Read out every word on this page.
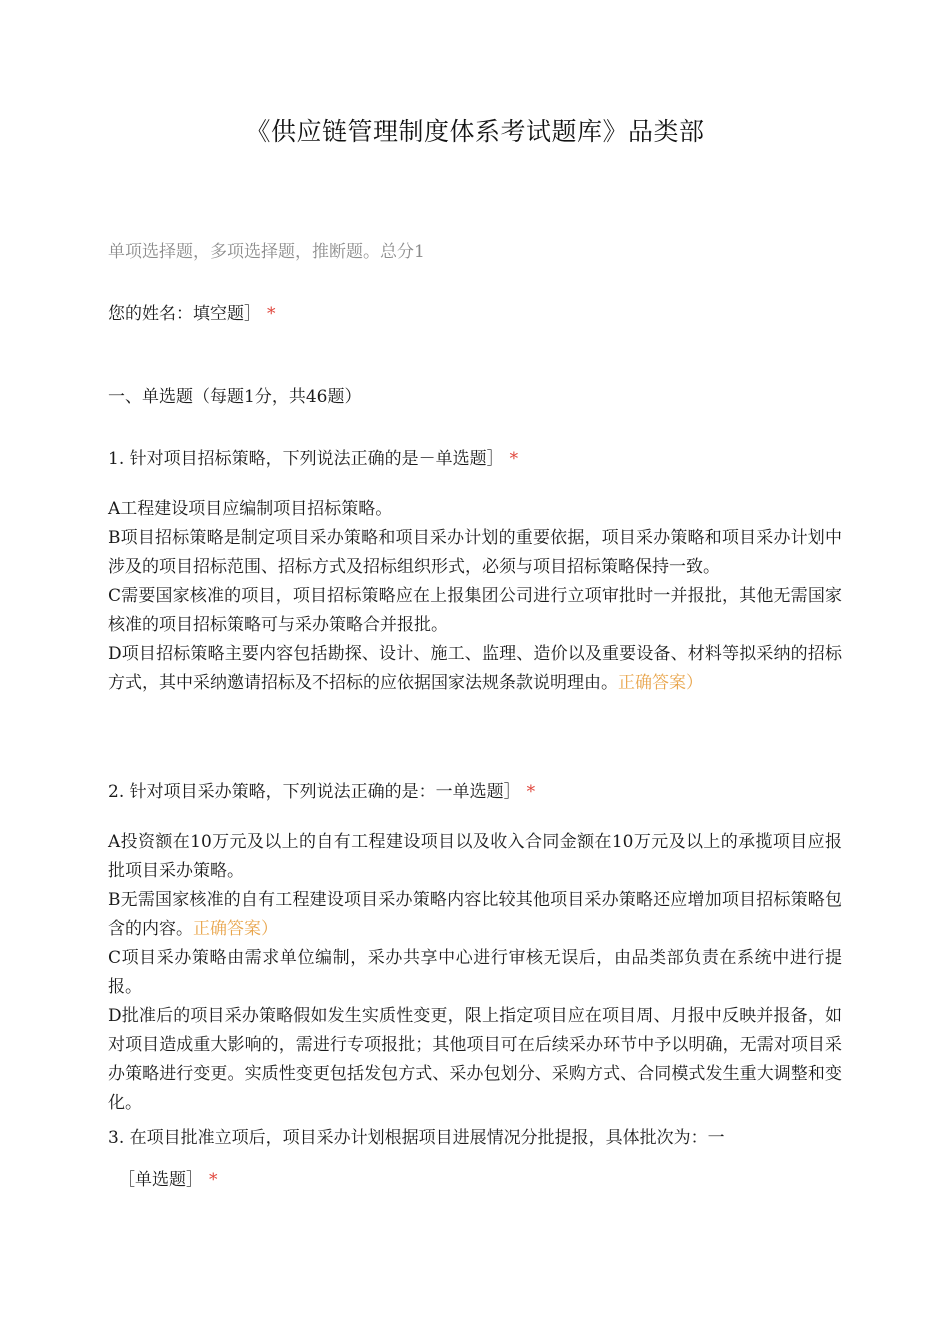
《供应链管理制度体系考试题库》品类部
单项选择题，多项选择题，推断题。总分1
您的姓名：填空题］ *
一、单选题（每题1分，共46题）

1. 针对项目招标策略，下列说法正确的是－单选题］ *

A工程建设项目应编制项目招标策略。

B项目招标策略是制定项目采办策略和项目采办计划的重要依据，项目采办策略和项目采办计划中涉及的项目招标范围、招标方式及招标组织形式，必须与项目招标策略保持一致。

C需要国家核准的项目，项目招标策略应在上报集团公司进行立项审批时一并报批，其他无需国家核准的项目招标策略可与采办策略合并报批。

D项目招标策略主要内容包括勘探、设计、施工、监理、造价以及重要设备、材料等拟采纳的招标方式，其中采纳邀请招标及不招标的应依据国家法规条款说明理由。正确答案）

2. 针对项目采办策略，下列说法正确的是：一单选题］ *

A投资额在10万元及以上的自有工程建设项目以及收入合同金额在10万元及以上的承揽项目应报批项目采办策略。

B无需国家核准的自有工程建设项目采办策略内容比较其他项目采办策略还应增加项目招标策略包含的内容。正确答案）

C项目采办策略由需求单位编制，采办共享中心进行审核无误后，由品类部负责在系统中进行提报。

D批准后的项目采办策略假如发生实质性变更，限上指定项目应在项目周、月报中反映并报备，如对项目造成重大影响的，需进行专项报批；其他项目可在后续采办环节中予以明确，无需对项目采办策略进行变更。实质性变更包括发包方式、采办包划分、采购方式、合同模式发生重大调整和变化。

3. 在项目批准立项后，项目采办计划根据项目进展情况分批提报，具体批次为：一

［单选题］ *
